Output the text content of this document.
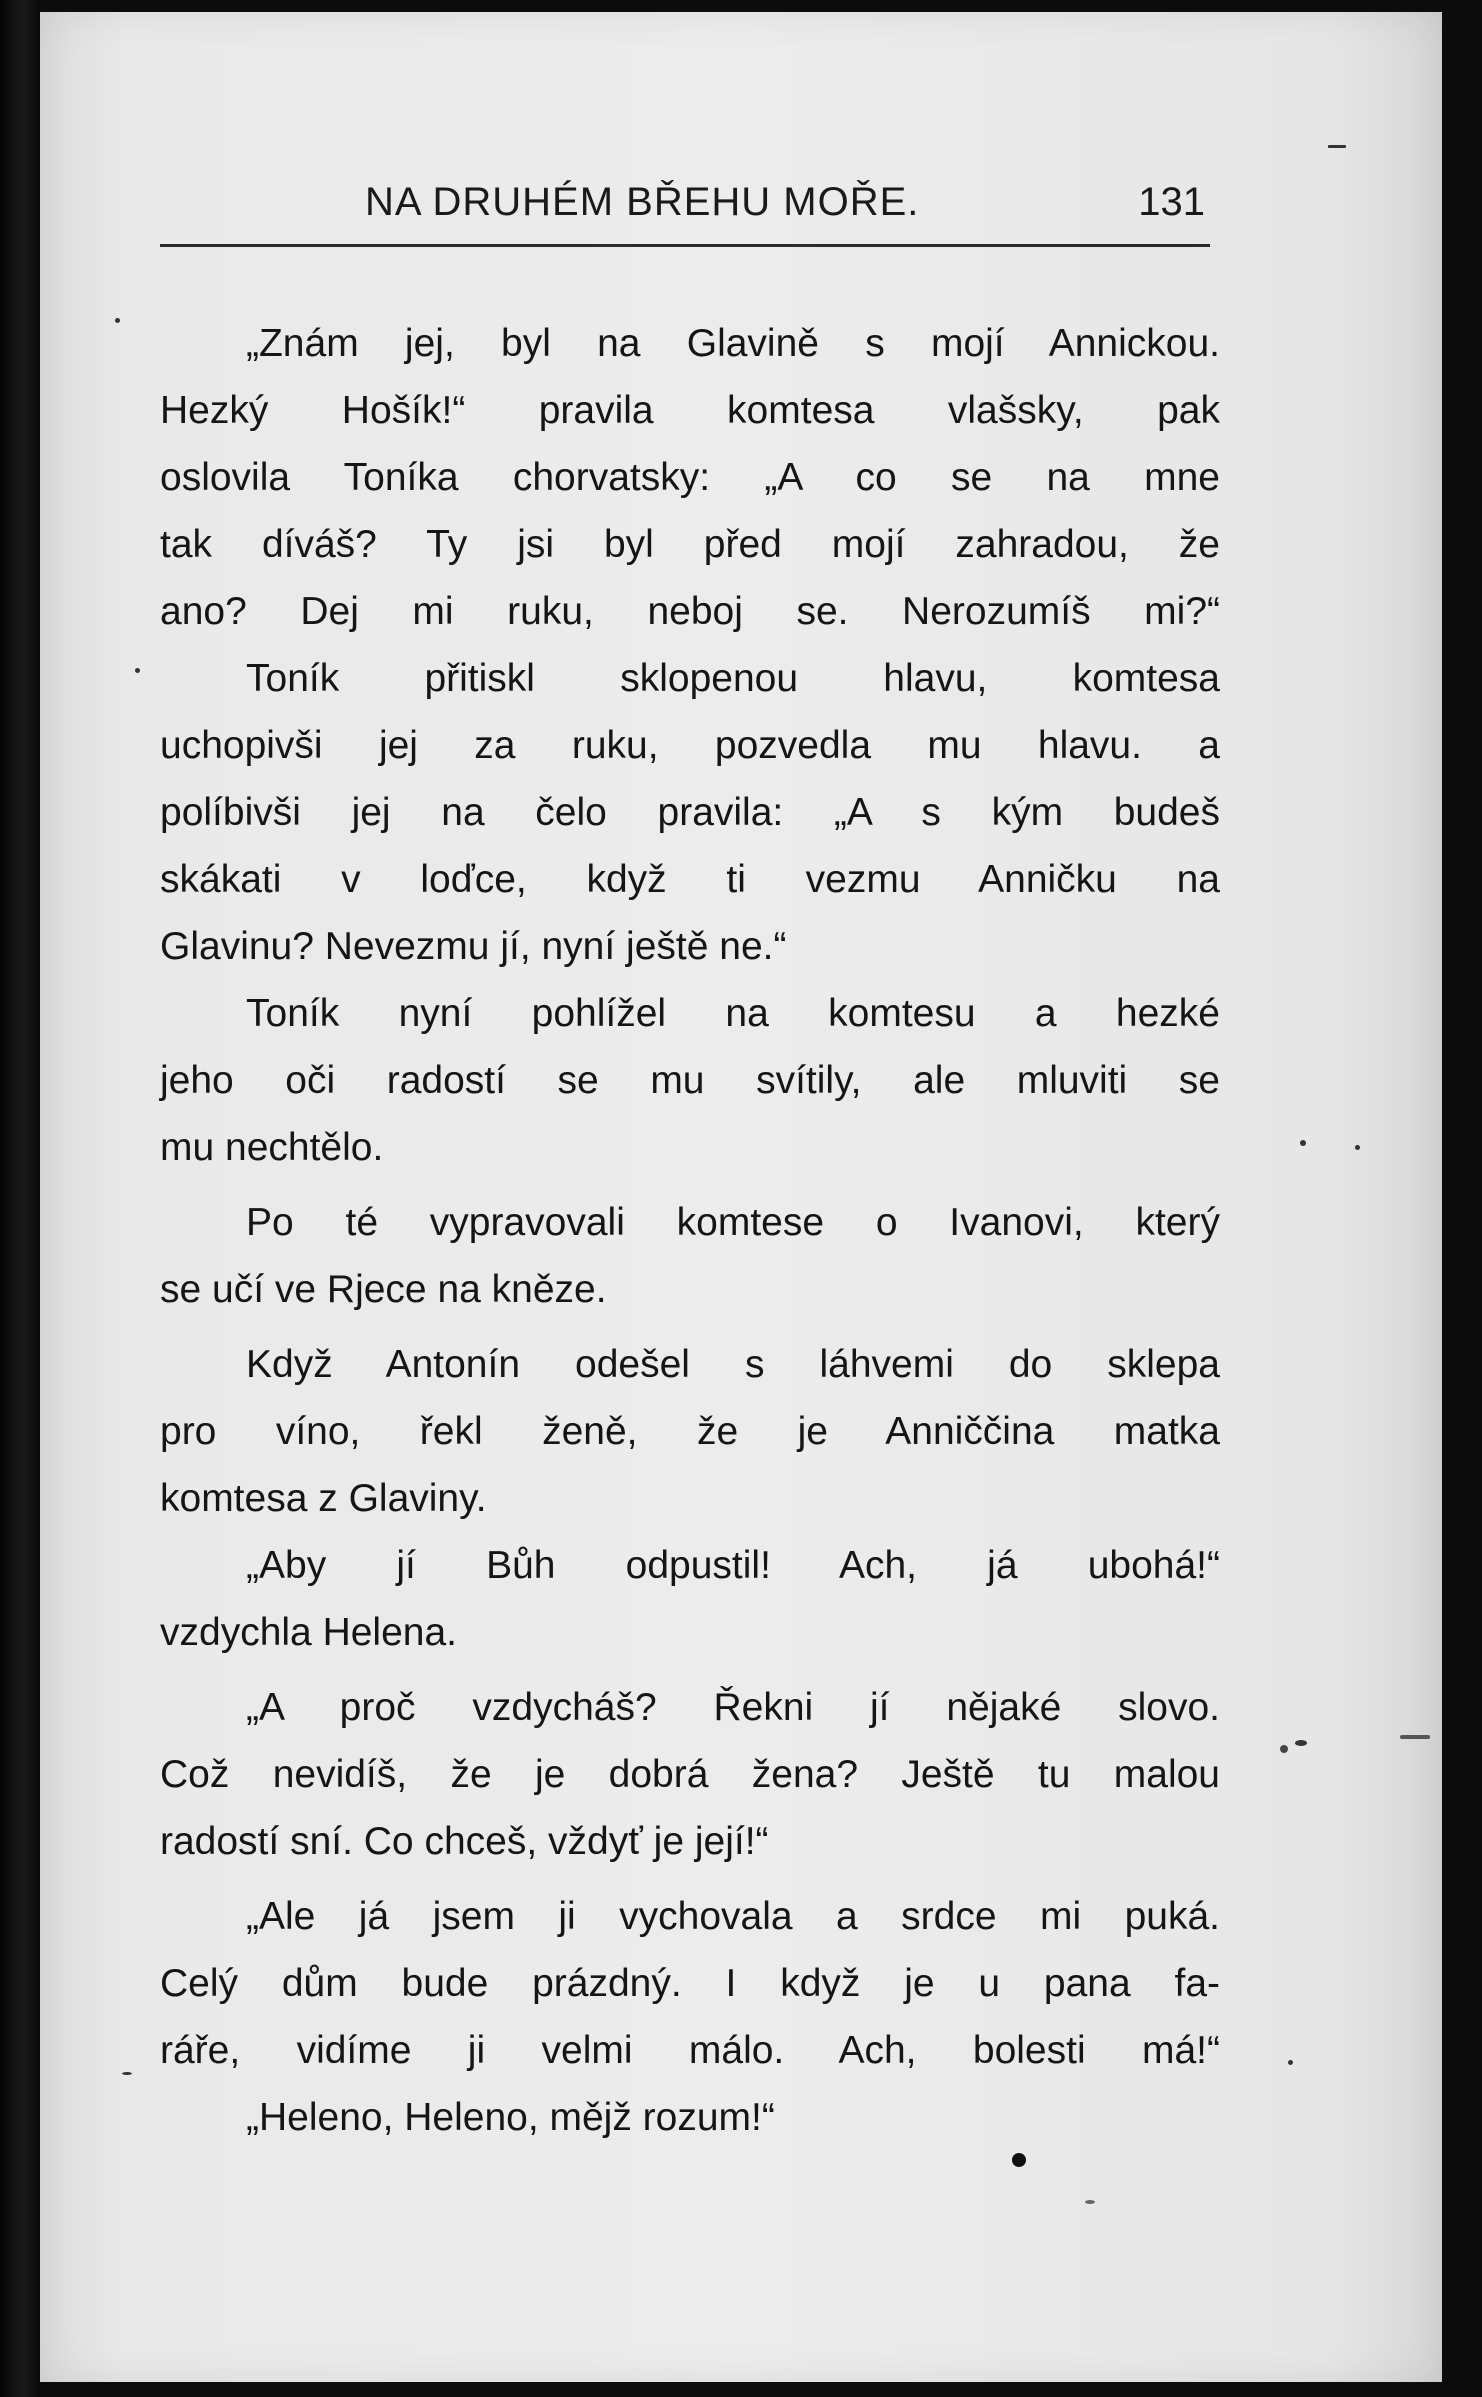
NA DRUHÉM BŘEHU MOŘE.	131
„Znám jej, byl na Glavině s mojí Annickou.
Hezký Hošík!“ pravila komtesa vlašsky, pak
oslovila Toníka chorvatsky: „A co se na mne
tak díváš? Ty jsi byl před mojí zahradou, že
ano? Dej mi ruku, neboj se. Nerozumíš mi?“
Toník přitiskl sklopenou hlavu, komtesa
uchopivši jej za ruku, pozvedla mu hlavu. a
políbivši jej na čelo pravila: „A s kým budeš
skákati v loďce, když ti vezmu Anničku na
Glavinu? Nevezmu jí, nyní ještě ne.“
Toník nyní pohlížel na komtesu a hezké
jeho oči radostí se mu svítily, ale mluviti se
mu nechtělo.
Po té vypravovali komtese o Ivanovi, který
se učí ve Rjece na kněze.
Když Antonín odešel s láhvemi do sklepa
pro víno, řekl ženě, že je Anniččina matka
komtesa z Glaviny.
„Aby jí Bůh odpustil! Ach, já ubohá!“
vzdychla Helena.
„A proč vzdycháš? Řekni jí nějaké slovo.
Což nevidíš, že je dobrá žena? Ještě tu malou
radostí sní. Co chceš, vždyť je její!“
„Ale já jsem ji vychovala a srdce mi puká.
Celý dům bude prázdný. I když je u pana fa-
ráře, vidíme ji velmi málo. Ach, bolesti má!“
„Heleno, Heleno, mějž rozum!“
